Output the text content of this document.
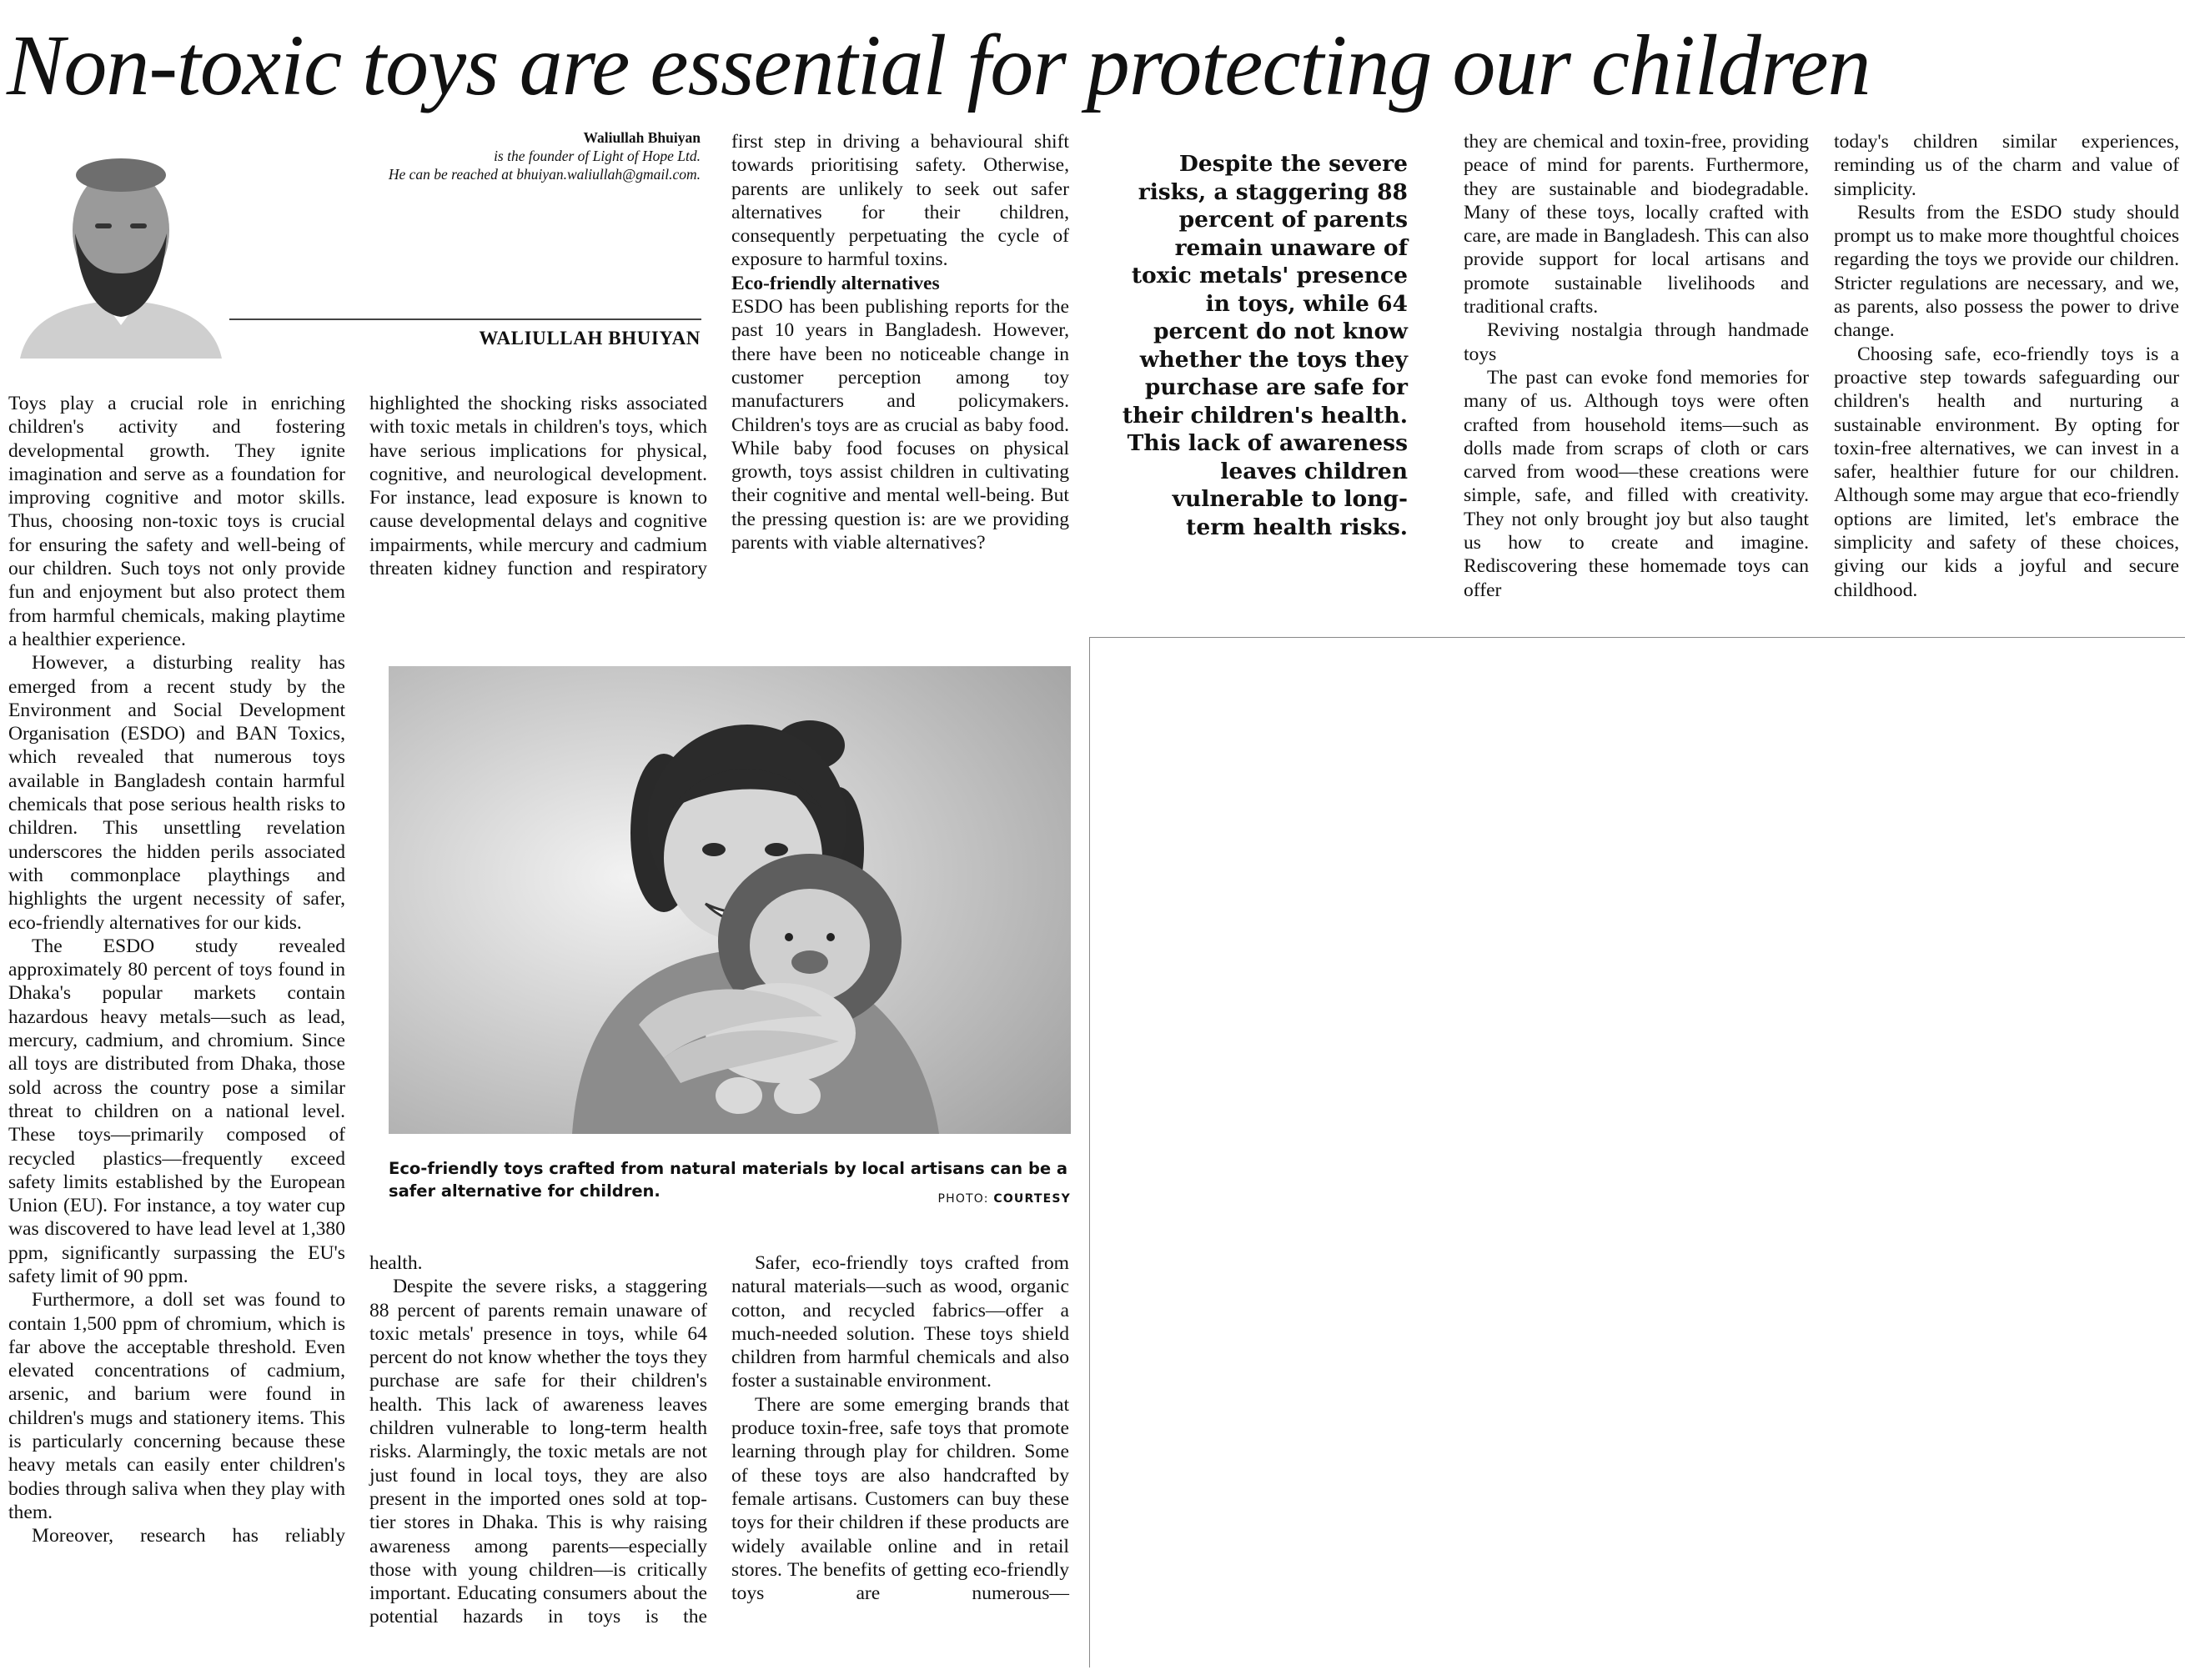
Non-toxic toys are essential for protecting our children
Waliullah Bhuiyan
is the founder of Light of Hope Ltd.
He can be reached at bhuiyan.waliullah@gmail.com.
WALIULLAH BHUIYAN

Toys play a crucial role in enriching children's activity and fostering developmental growth. They ignite imagination and serve as a foundation for improving cognitive and motor skills. Thus, choosing non-toxic toys is crucial for ensuring the safety and well-being of our children. Such toys not only provide fun and enjoyment but also protect them from harmful chemicals, making playtime a healthier experience.

However, a disturbing reality has emerged from a recent study by the Environment and Social Development Organisation (ESDO) and BAN Toxics, which revealed that numerous toys available in Bangladesh contain harmful chemicals that pose serious health risks to children. This unsettling revelation underscores the hidden perils associated with commonplace playthings and highlights the urgent necessity of safer, eco-friendly alternatives for our kids.

The ESDO study revealed approximately 80 percent of toys found in Dhaka's popular markets contain hazardous heavy metals—such as lead, mercury, cadmium, and chromium. Since all toys are distributed from Dhaka, those sold across the country pose a similar threat to children on a national level. These toys—primarily composed of recycled plastics—frequently exceed safety limits established by the European Union (EU). For instance, a toy water cup was discovered to have lead level at 1,380 ppm, significantly surpassing the EU's safety limit of 90 ppm.

Furthermore, a doll set was found to contain 1,500 ppm of chromium, which is far above the acceptable threshold. Even elevated concentrations of cadmium, arsenic, and barium were found in children's mugs and stationery items. This is particularly concerning because these heavy metals can easily enter children's bodies through saliva when they play with them.

Moreover, research has reliably

highlighted the shocking risks associated with toxic metals in children's toys, which have serious implications for physical, cognitive, and neurological development. For instance, lead exposure is known to cause developmental delays and cognitive impairments, while mercury and cadmium threaten kidney function and respiratory

first step in driving a behavioural shift towards prioritising safety. Otherwise, parents are unlikely to seek out safer alternatives for their children, consequently perpetuating the cycle of exposure to harmful toxins.

Eco-friendly alternatives

ESDO has been publishing reports for the past 10 years in Bangladesh. However, there have been no noticeable change in customer perception among toy manufacturers and policymakers. Children's toys are as crucial as baby food. While baby food focuses on physical growth, toys assist children in cultivating their cognitive and mental well-being. But the pressing question is: are we providing parents with viable alternatives?

Eco-friendly toys crafted from natural materials by local artisans can be a safer alternative for children.	PHOTO: COURTESY

health.

Despite the severe risks, a staggering 88 percent of parents remain unaware of toxic metals' presence in toys, while 64 percent do not know whether the toys they purchase are safe for their children's health. This lack of awareness leaves children vulnerable to long-term health risks. Alarmingly, the toxic metals are not just found in local toys, they are also present in the imported ones sold at top-tier stores in Dhaka. This is why raising awareness among parents—especially those with young children—is critically important. Educating consumers about the potential hazards in toys is the

Safer, eco-friendly toys crafted from natural materials—such as wood, organic cotton, and recycled fabrics—offer a much-needed solution. These toys shield children from harmful chemicals and also foster a sustainable environment.

There are some emerging brands that produce toxin-free, safe toys that promote learning through play for children. Some of these toys are also handcrafted by female artisans. Customers can buy these toys for their children if these products are widely available online and in retail stores. The benefits of getting eco-friendly toys are numerous—

Despite the severe risks, a staggering 88 percent of parents remain unaware of toxic metals' presence in toys, while 64 percent do not know whether the toys they purchase are safe for their children's health. This lack of awareness leaves children vulnerable to long-term health risks.

they are chemical and toxin-free, providing peace of mind for parents. Furthermore, they are sustainable and biodegradable. Many of these toys, locally crafted with care, are made in Bangladesh. This can also provide support for local artisans and promote sustainable livelihoods and traditional crafts.

Reviving nostalgia through handmade toys

The past can evoke fond memories for many of us. Although toys were often crafted from household items—such as dolls made from scraps of cloth or cars carved from wood—these creations were simple, safe, and filled with creativity. They not only brought joy but also taught us how to create and imagine. Rediscovering these homemade toys can offer

today's children similar experiences, reminding us of the charm and value of simplicity.

Results from the ESDO study should prompt us to make more thoughtful choices regarding the toys we provide our children. Stricter regulations are necessary, and we, as parents, also possess the power to drive change.

Choosing safe, eco-friendly toys is a proactive step towards safeguarding our children's health and nurturing a sustainable environment. By opting for toxin-free alternatives, we can invest in a safer, healthier future for our children. Although some may argue that eco-friendly options are limited, let's embrace the simplicity and safety of these choices, giving our kids a joyful and secure childhood.
